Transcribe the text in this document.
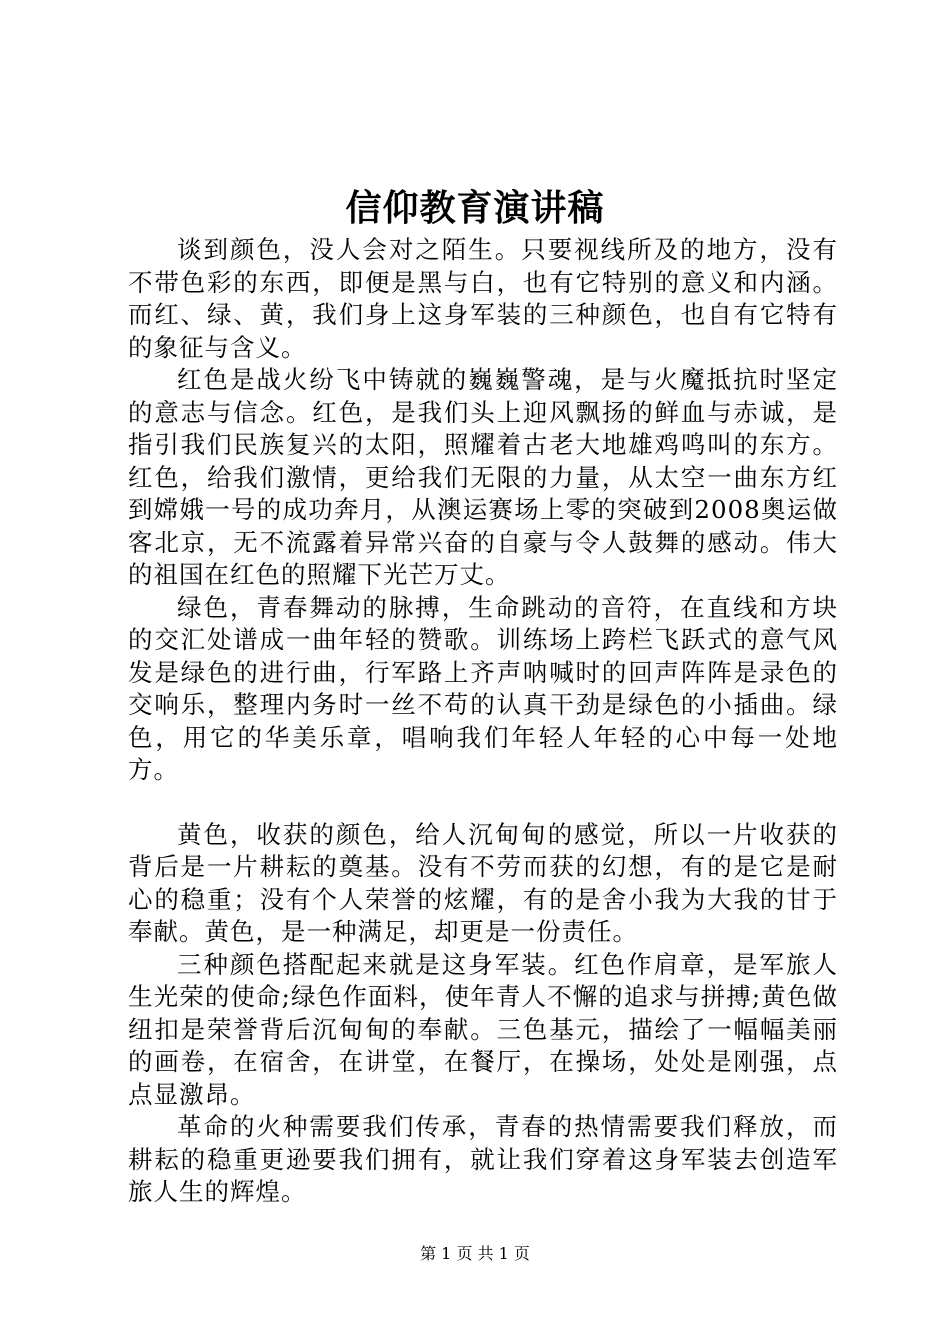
信仰教育演讲稿

谈到颜色，没人会对之陌生。只要视线所及的地方，没有不带色彩的东西，即便是黑与白，也有它特别的意义和内涵。而红、绿、黄，我们身上这身军装的三种颜色，也自有它特有的象征与含义。

红色是战火纷飞中铸就的巍巍警魂，是与火魔抵抗时坚定的意志与信念。红色，是我们头上迎风飘扬的鲜血与赤诚，是指引我们民族复兴的太阳，照耀着古老大地雄鸡鸣叫的东方。红色，给我们激情，更给我们无限的力量，从太空一曲东方红到嫦娥一号的成功奔月，从澳运赛场上零的突破到2008奥运做客北京，无不流露着异常兴奋的自豪与令人鼓舞的感动。伟大的祖国在红色的照耀下光芒万丈。

绿色，青春舞动的脉搏，生命跳动的音符，在直线和方块的交汇处谱成一曲年轻的赞歌。训练场上跨栏飞跃式的意气风发是绿色的进行曲，行军路上齐声呐喊时的回声阵阵是录色的交响乐，整理内务时一丝不苟的认真干劲是绿色的小插曲。绿色，用它的华美乐章，唱响我们年轻人年轻的心中每一处地方。

黄色，收获的颜色，给人沉甸甸的感觉，所以一片收获的背后是一片耕耘的奠基。没有不劳而获的幻想，有的是它是耐心的稳重；没有个人荣誉的炫耀，有的是舍小我为大我的甘于奉献。黄色，是一种满足，却更是一份责任。

三种颜色搭配起来就是这身军装。红色作肩章，是军旅人生光荣的使命;绿色作面料，使年青人不懈的追求与拼搏;黄色做纽扣是荣誉背后沉甸甸的奉献。三色基元，描绘了一幅幅美丽的画卷，在宿舍，在讲堂，在餐厅，在操场，处处是刚强，点点显激昂。

革命的火种需要我们传承，青春的热情需要我们释放，而耕耘的稳重更逊要我们拥有，就让我们穿着这身军装去创造军旅人生的辉煌。

第 1 页 共 1 页
